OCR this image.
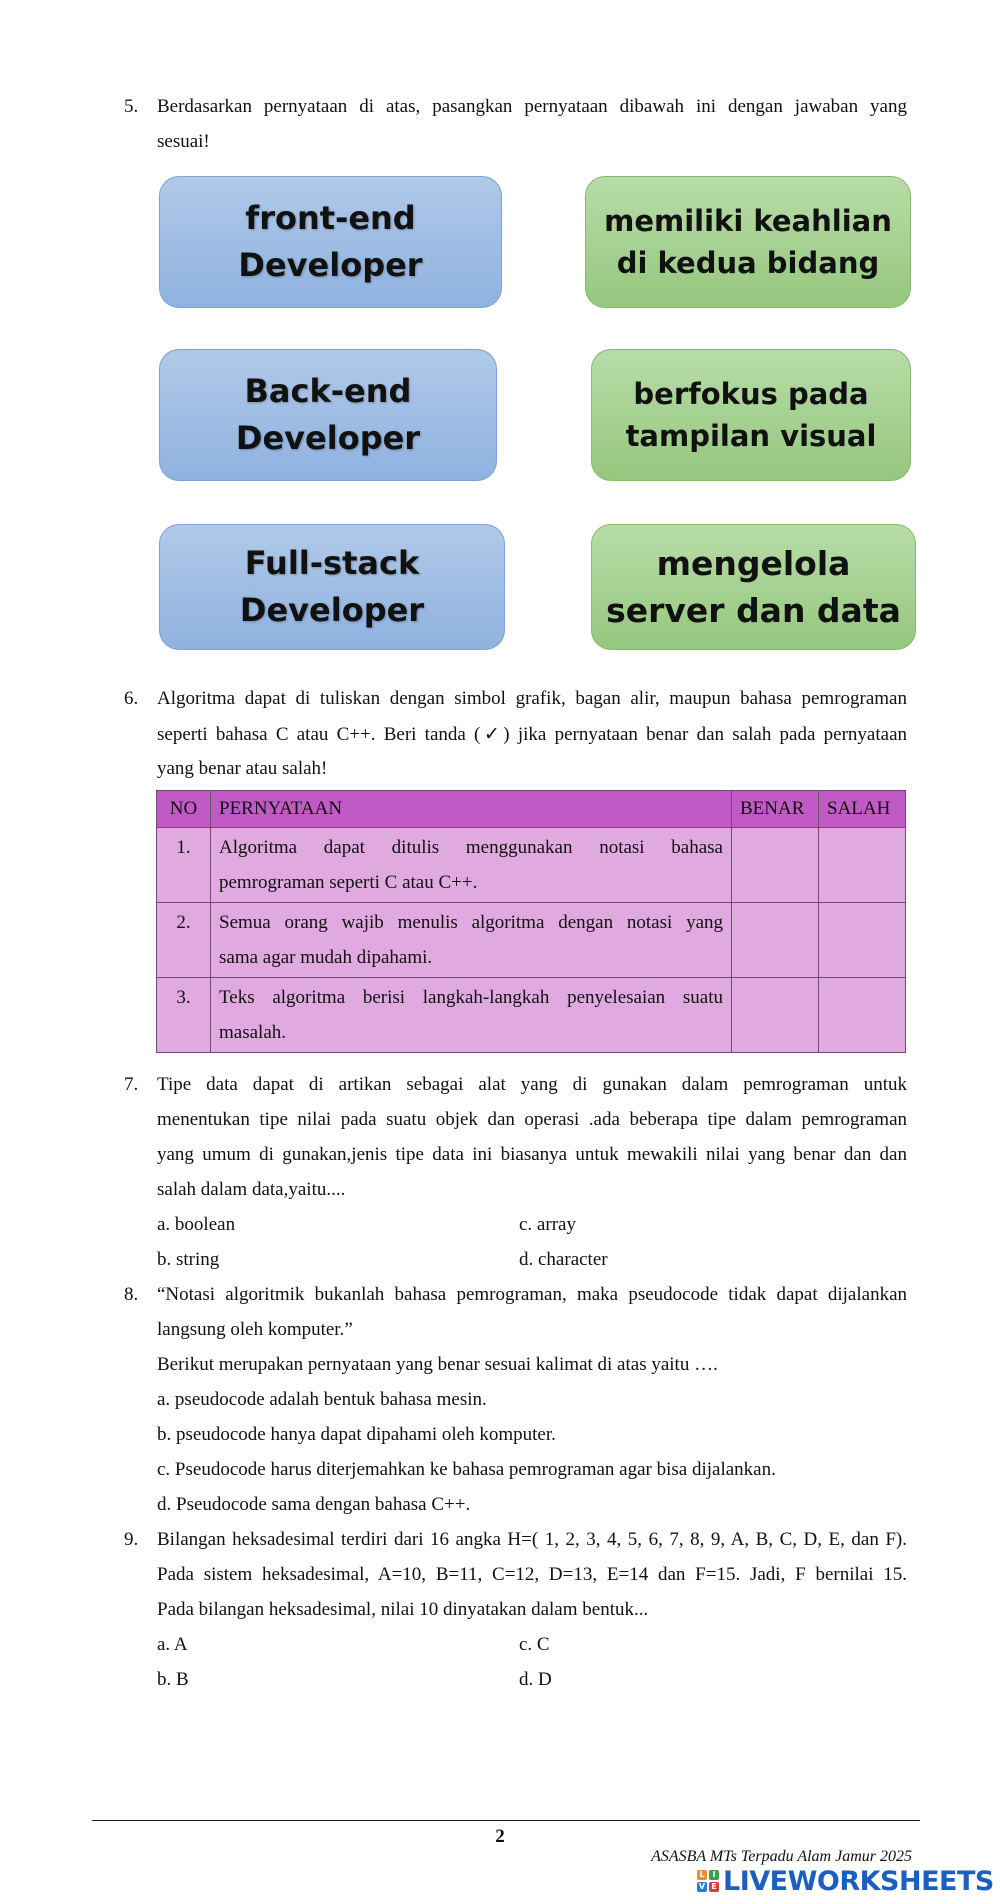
5. Berdasarkan pernyataan di atas, pasangkan pernyataan dibawah ini dengan jawaban yang
sesuai!
front-end
Developer
memiliki keahlian
di kedua bidang
Back-end
Developer
berfokus pada
tampilan visual
Full-stack
Developer
mengelola
server dan data
6. Algoritma dapat di tuliskan dengan simbol grafik, bagan alir, maupun bahasa pemrograman
seperti bahasa C atau C++. Beri tanda (✓) jika pernyataan benar dan salah pada pernyataan
yang benar atau salah!
NO	PERNYATAAN	BENAR	SALAH
1.	Algoritma dapat ditulis menggunakan notasi bahasa
pemrograman seperti C atau C++.		

2.	Semua orang wajib menulis algoritma dengan notasi yang
sama agar mudah dipahami.		

3.	Teks algoritma berisi langkah-langkah penyelesaian suatu
masalah.		

7. Tipe data dapat di artikan sebagai alat yang di gunakan dalam pemrograman untuk
menentukan tipe nilai pada suatu objek dan operasi .ada beberapa tipe dalam pemrograman
yang umum di gunakan,jenis tipe data ini biasanya untuk mewakili nilai yang benar dan dan
salah dalam data,yaitu....
a. boolean	c. array
b. string	d. character
8. “Notasi algoritmik bukanlah bahasa pemrograman, maka pseudocode tidak dapat dijalankan
langsung oleh komputer.”
Berikut merupakan pernyataan yang benar sesuai kalimat di atas yaitu ….
a. pseudocode adalah bentuk bahasa mesin.
b. pseudocode hanya dapat dipahami oleh komputer.
c. Pseudocode harus diterjemahkan ke bahasa pemrograman agar bisa dijalankan.
d. Pseudocode sama dengan bahasa C++.
9. Bilangan heksadesimal terdiri dari 16 angka H=( 1, 2, 3, 4, 5, 6, 7, 8, 9, A, B, C, D, E, dan F).
Pada sistem heksadesimal, A=10, B=11, C=12, D=13, E=14 dan F=15. Jadi, F bernilai 15.
Pada bilangan heksadesimal, nilai 10 dinyatakan dalam bentuk...
a. A	c. C
b. B	d. D
2
ASASBA MTs Terpadu Alam Jamur 2025
L I
V E LIVEWORKSHEETS
